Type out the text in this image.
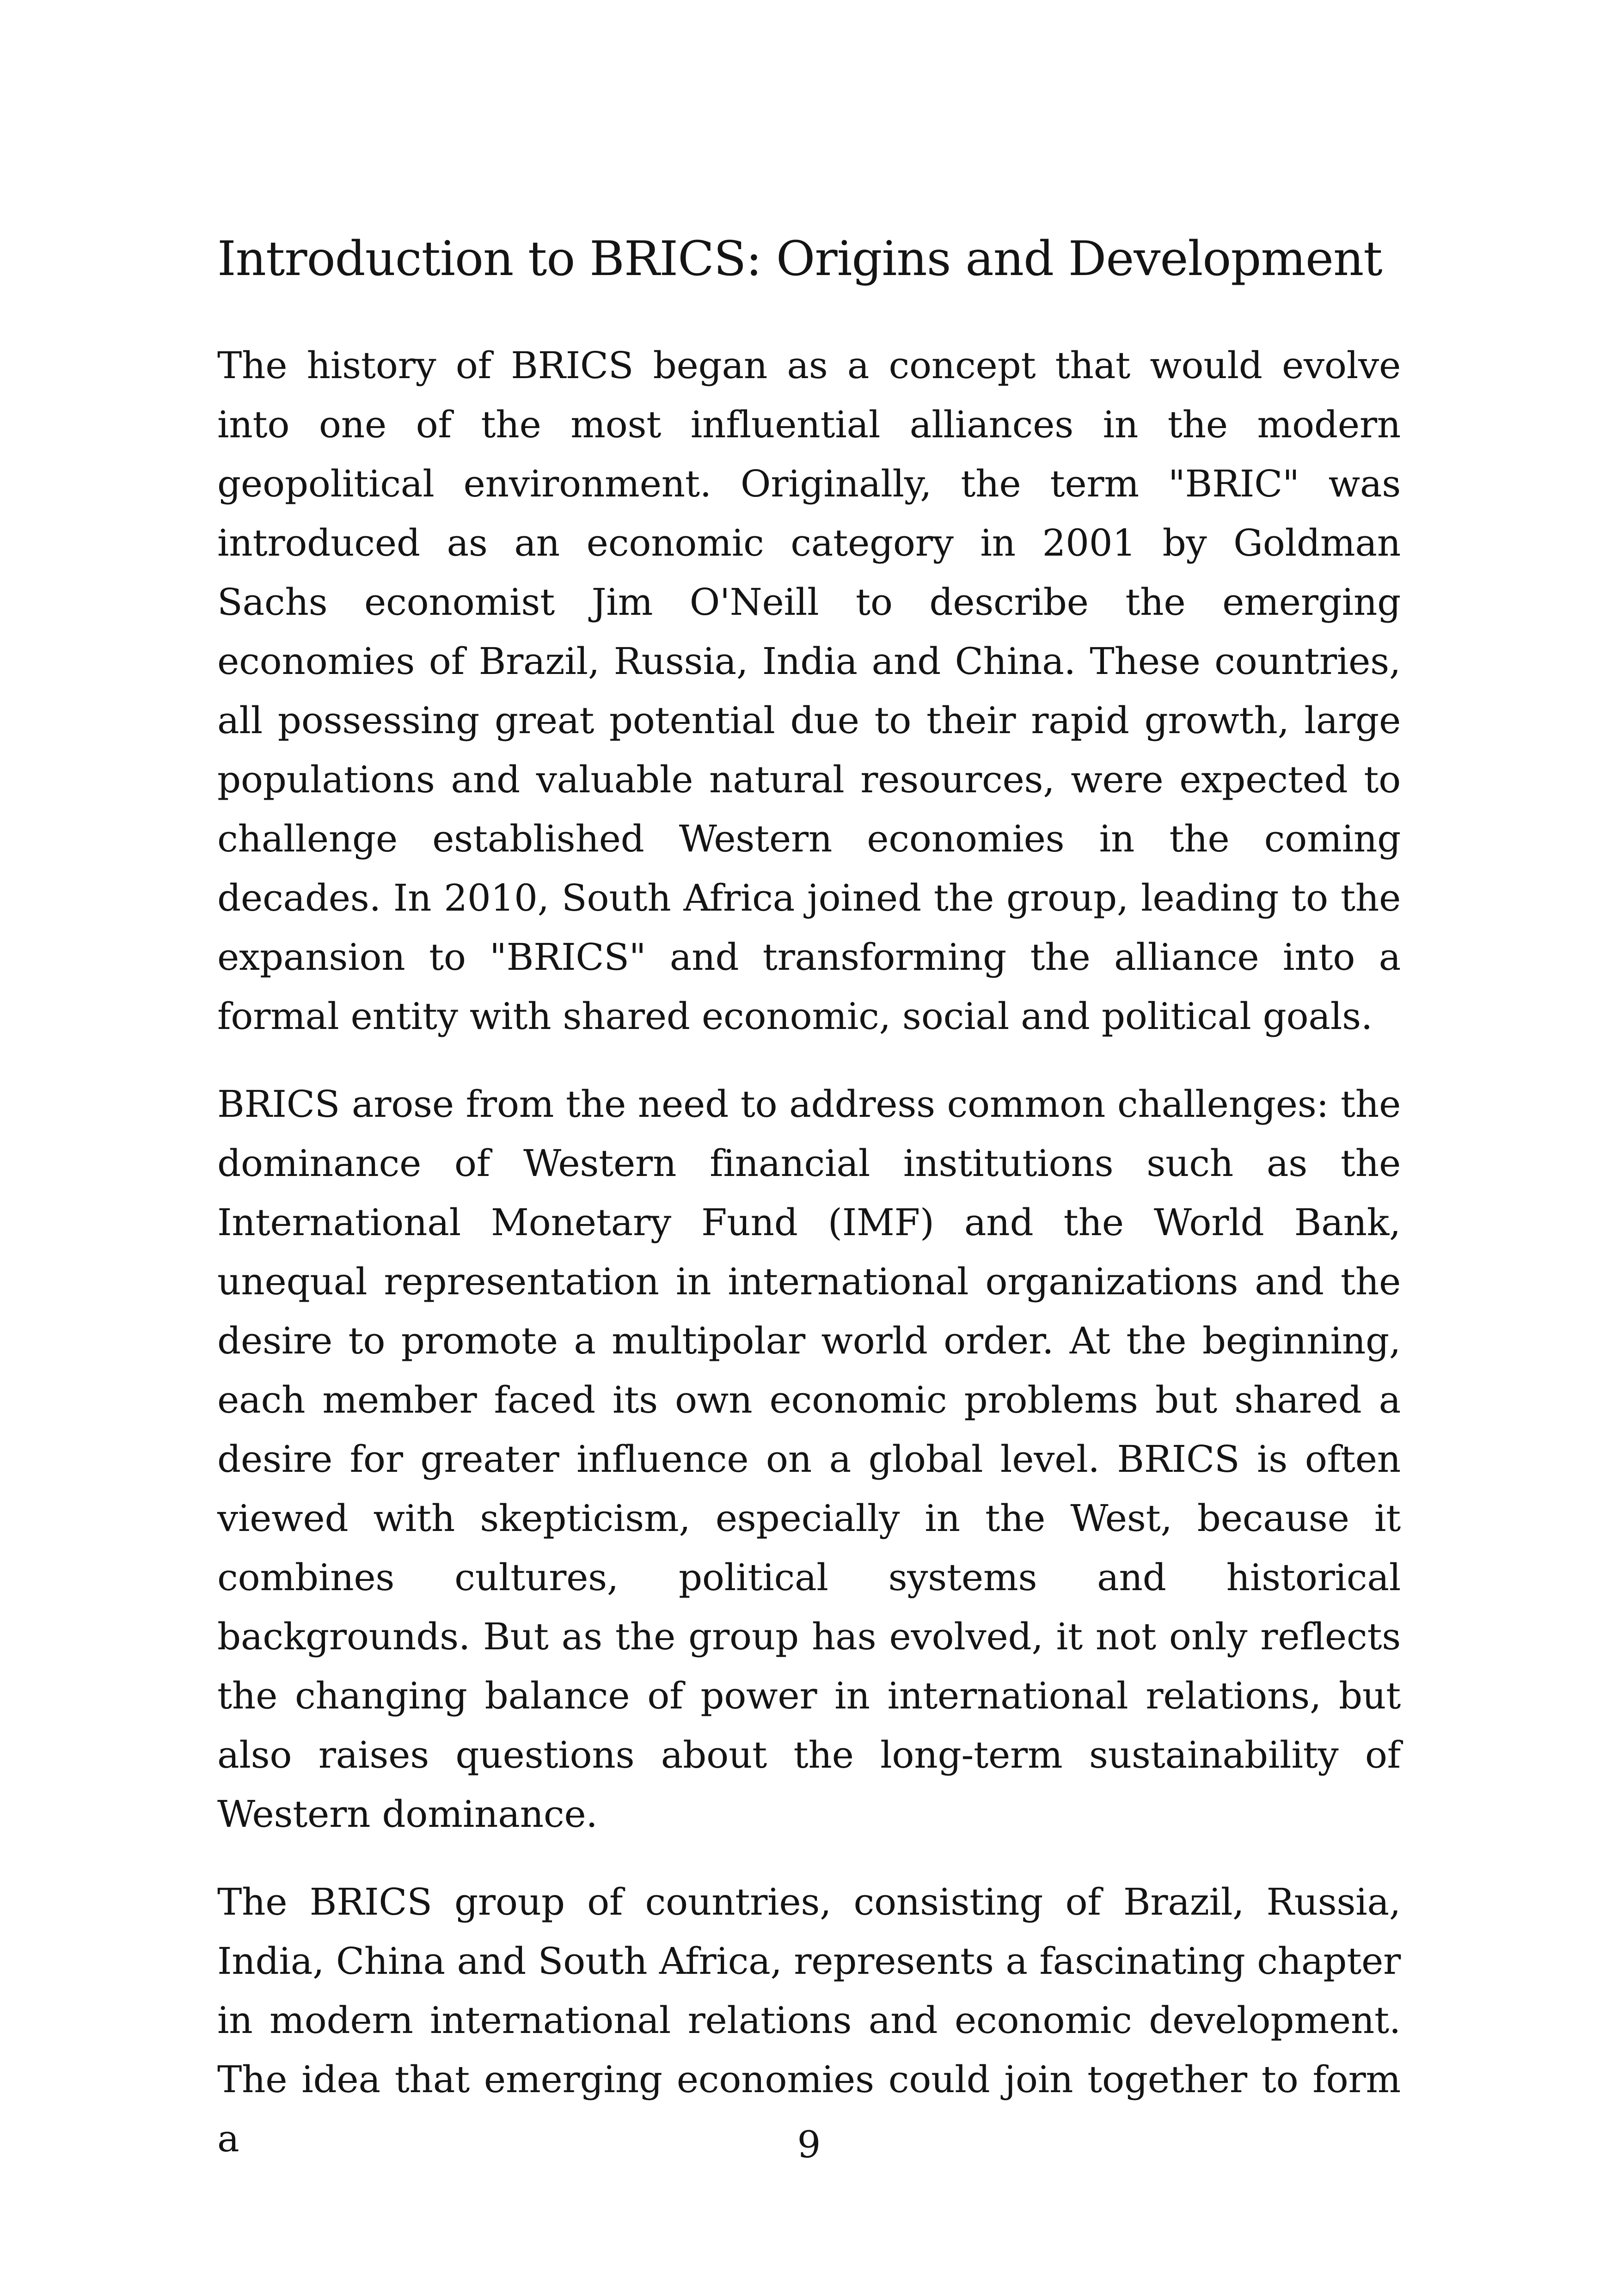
Introduction to BRICS: Origins and Development

The history of BRICS began as a concept that would evolve into one of the most influential alliances in the modern geopolitical environment. Originally, the term "BRIC" was introduced as an economic category in 2001 by Goldman Sachs economist Jim O'Neill to describe the emerging economies of Brazil, Russia, India and China. These countries, all possessing great potential due to their rapid growth, large populations and valuable natural resources, were expected to challenge established Western economies in the coming decades. In 2010, South Africa joined the group, leading to the expansion to "BRICS" and transforming the alliance into a formal entity with shared economic, social and political goals.

BRICS arose from the need to address common challenges: the dominance of Western financial institutions such as the International Monetary Fund (IMF) and the World Bank, unequal representation in international organizations and the desire to promote a multipolar world order. At the beginning, each member faced its own economic problems but shared a desire for greater influence on a global level. BRICS is often viewed with skepticism, especially in the West, because it combines cultures, political systems and historical backgrounds. But as the group has evolved, it not only reflects the changing balance of power in international relations, but also raises questions about the long-term sustainability of Western dominance.

The BRICS group of countries, consisting of Brazil, Russia, India, China and South Africa, represents a fascinating chapter in modern international relations and economic development. The idea that emerging economies could join together to form a	9
